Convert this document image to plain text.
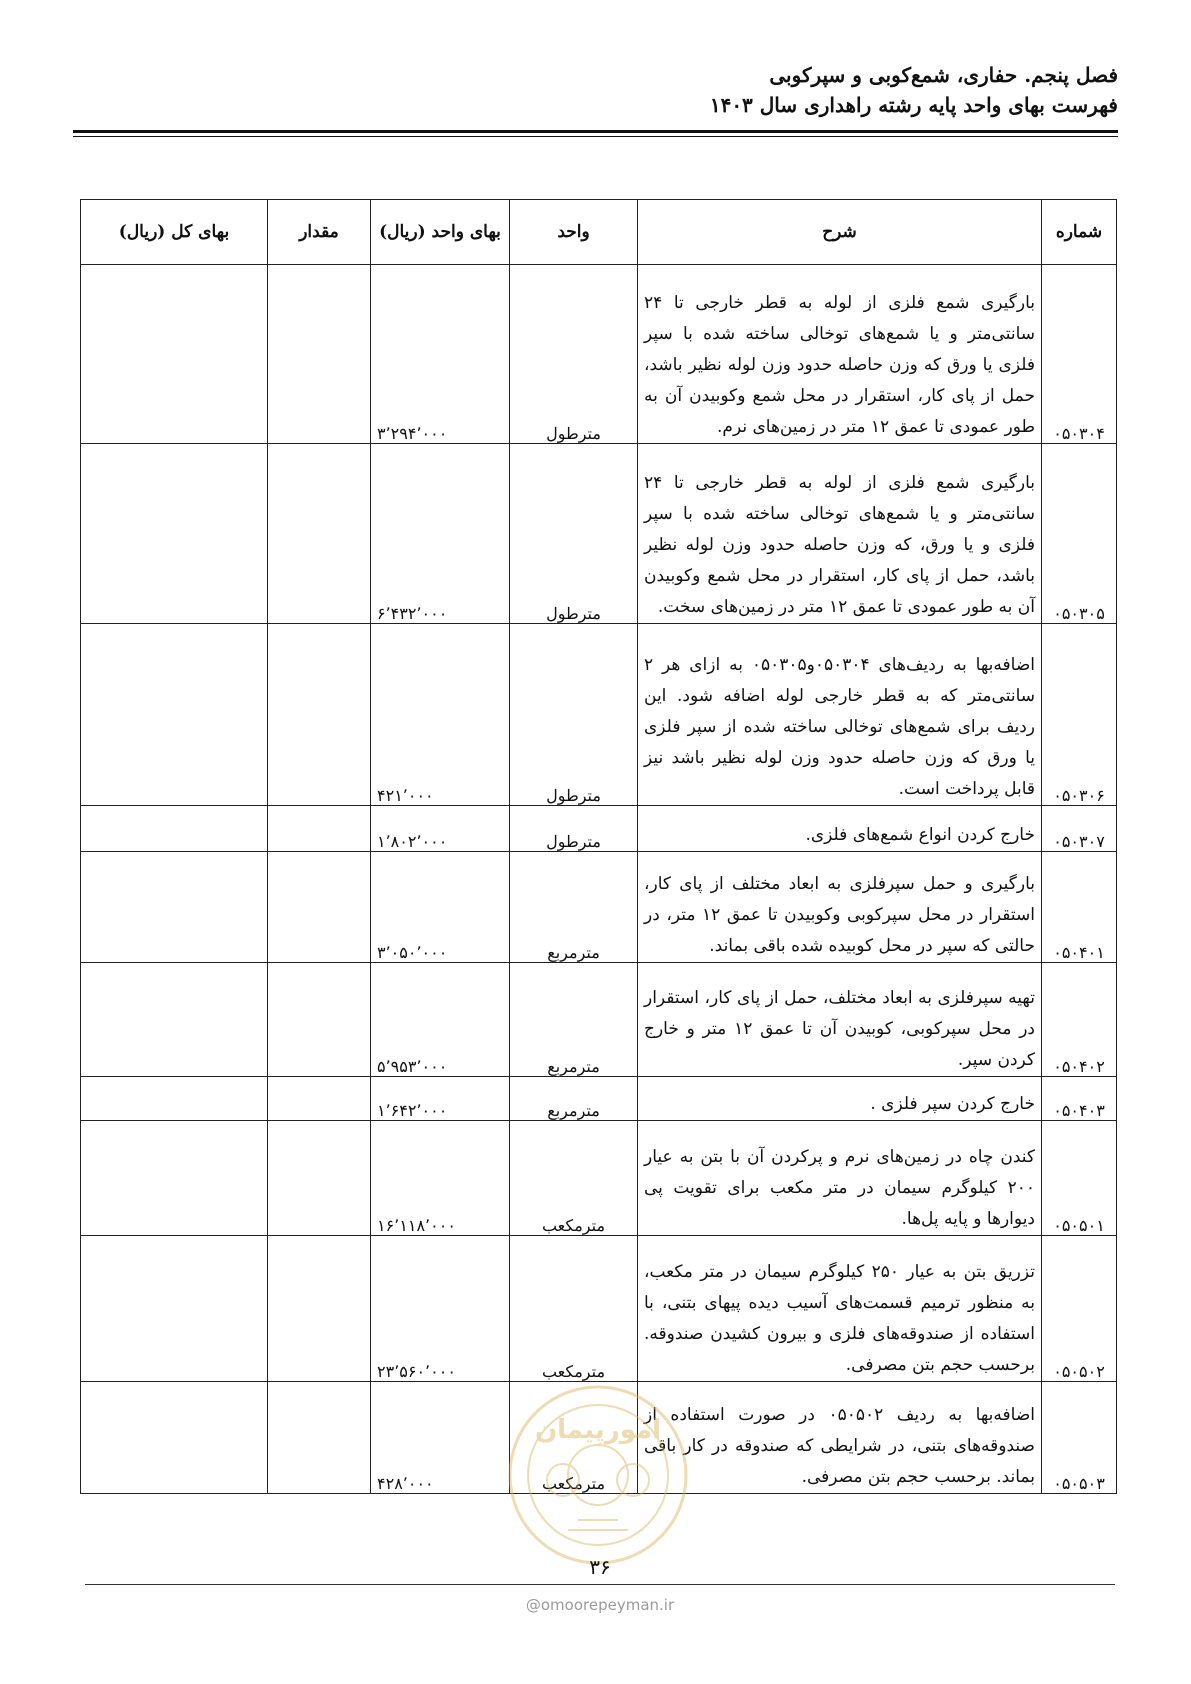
فصل پنجم. حفاری، شمع‌کوبی و سپرکوبی
فهرست بهای واحد پایه رشته راهداری سال ۱۴۰۳
شماره	شرح	واحد	بهای واحد (ریال)	مقدار	بهای کل (ریال)
۰۵۰۳۰۴	بارگیری شمع فلزی از لوله به قطر خارجی تا ۲۴ سانتی‌متر و یا شمع‌های توخالی ساخته شده با سپر فلزی یا ورق که وزن حاصله حدود وزن لوله نظیر باشد، حمل از پای کار، استقرار در محل شمع وکوبیدن آن به طور عمودی تا عمق ۱۲ متر در زمین‌های نرم.	مترطول	۳٬۲۹۴٬۰۰۰		
۰۵۰۳۰۵	بارگیری شمع فلزی از لوله به قطر خارجی تا ۲۴ سانتی‌متر و یا شمع‌های توخالی ساخته شده با سپر فلزی و یا ورق، که وزن حاصله حدود وزن لوله نظیر باشد، حمل از پای کار، استقرار در محل شمع وکوبیدن آن به طور عمودی تا عمق ۱۲ متر در زمین‌های سخت.	مترطول	۶٬۴۳۲٬۰۰۰		
۰۵۰۳۰۶	اضافه‌بها به ردیف‌های ۰۵۰۳۰۴و۰۵۰۳۰۵ به ازای هر ۲ سانتی‌متر که به قطر خارجی لوله اضافه شود. این ردیف برای شمع‌های توخالی ساخته شده از سپر فلزی یا ورق که وزن حاصله حدود وزن لوله نظیر باشد نیز قابل پرداخت است.	مترطول	۴۲۱٬۰۰۰		
۰۵۰۳۰۷	خارج کردن انواع شمع‌های فلزی.	مترطول	۱٬۸۰۲٬۰۰۰		
۰۵۰۴۰۱	بارگیری و حمل سپرفلزی به ابعاد مختلف از پای کار، استقرار در محل سپرکوبی وکوبیدن تا عمق ۱۲ متر، در حالتی که سپر در محل کوبیده شده باقی بماند.	مترمربع	۳٬۰۵۰٬۰۰۰		
۰۵۰۴۰۲	تهیه سپرفلزی به ابعاد مختلف، حمل از پای کار، استقرار در محل سپرکوبی، کوبیدن آن تا عمق ۱۲ متر و خارج کردن سپر.	مترمربع	۵٬۹۵۳٬۰۰۰		
۰۵۰۴۰۳	خارج کردن سپر فلزی .	مترمربع	۱٬۶۴۲٬۰۰۰		
۰۵۰۵۰۱	کندن چاه در زمین‌های نرم و پرکردن آن با بتن به عیار ۲۰۰ کیلوگرم سیمان در متر مکعب برای تقویت پی دیوارها و پایه پل‌ها.	مترمکعب	۱۶٬۱۱۸٬۰۰۰		
۰۵۰۵۰۲	تزریق بتن به عیار ۲۵۰ کیلوگرم سیمان در متر مکعب، به منظور ترمیم قسمت‌های آسیب دیده پیهای بتنی، با استفاده از صندوقه‌های فلزی و بیرون کشیدن صندوقه. برحسب حجم بتن مصرفی.	مترمکعب	۲۳٬۵۶۰٬۰۰۰		
۰۵۰۵۰۳	اضافه‌بها به ردیف ۰۵۰۵۰۲ در صورت استفاده از صندوقه‌های بتنی، در شرایطی که صندوقه در کار باقی بماند. برحسب حجم بتن مصرفی.	مترمکعب	۴۲۸٬۰۰۰		
امورپیمان
۳۶
@omoorepeyman.ir
